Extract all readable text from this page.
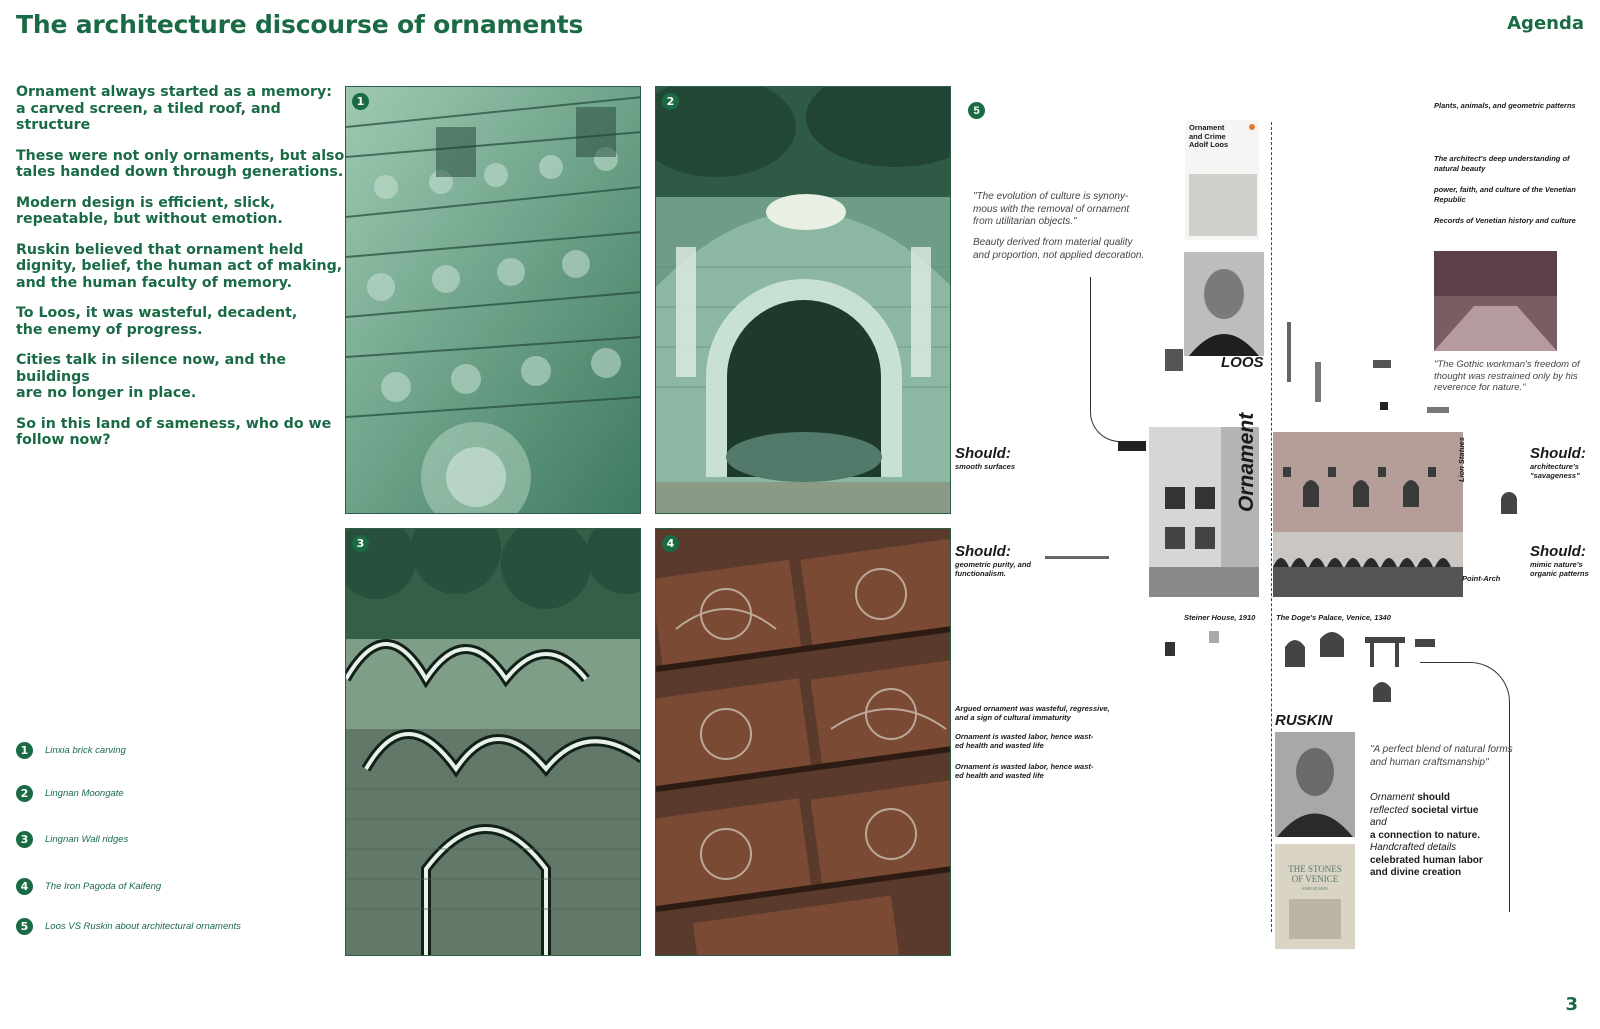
The architecture discourse of ornaments	Agenda
3

Ornament always started as a memory:
a carved screen, a tiled roof, and structure

These were not only ornaments, but also
tales handed down through generations.

Modern design is efficient, slick,
repeatable, but without emotion.

Ruskin believed that ornament held
dignity, belief, the human act of making,
and the human faculty of memory.

To Loos, it was wasteful, decadent,
the enemy of progress.

Cities talk in silence now, and the buildings
are no longer in place.

So in this land of sameness, who do we
follow now?

1	Linxia brick carving
2	Lingnan Moongate
3	Lingnan Wall ridges
4	The Iron Pagoda of Kaifeng
5	Loos VS Ruskin about architectural ornaments
1	2
3	4
5
Ornament
and Crime
Adolf Loos
"The evolution of culture is synony-
mous with the removal of ornament
from utilitarian objects."
Beauty derived from material quality
and proportion, not applied decoration.
LOOS
Steiner House, 1910
Ornament
The Doge's Palace, Venice, 1340
Lion Statues
Point-Arch
Plants, animals, and geometric patterns
The architect's deep understanding of
natural beauty
power, faith, and culture of the Venetian
Republic
Records of Venetian history and culture
"The Gothic workman's freedom of
thought was restrained only by his
reverence for nature."
Should:
smooth surfaces
Should:
geometric purity, and
functionalism.
Should:
architecture's
"savageness"
Should:
mimic nature's
organic patterns
Argued ornament was wasteful, regressive,
and a sign of cultural immaturity
Ornament is wasted labor, hence wast-
ed health and wasted life
Ornament is wasted labor, hence wast-
ed health and wasted life
RUSKIN
THE STONES
OF VENICE
JOHN RUSKIN
"A perfect blend of natural forms
and human craftsmanship"
Ornament should
reflected societal virtue
and
a connection to nature.
Handcrafted details
celebrated human labor
and divine creation
